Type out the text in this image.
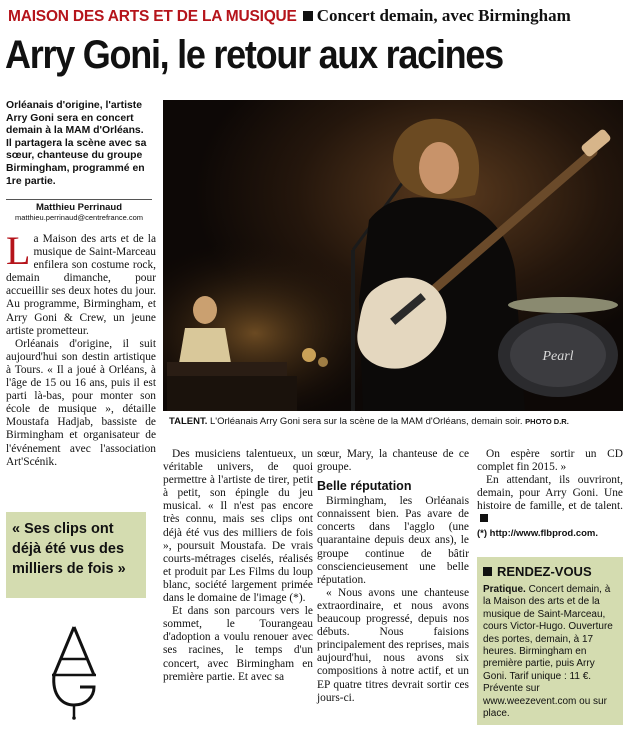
MAISON DES ARTS ET DE LA MUSIQUE Concert demain, avec Birmingham
Arry Goni, le retour aux racines
Orléanais d'origine, l'artiste Arry Goni sera en concert demain à la MAM d'Orléans. Il partagera la scène avec sa sœur, chanteuse du groupe Birmingham, programmé en 1re partie.
Matthieu Perrinaud
matthieu.perrinaud@centrefrance.com
Pearl
TALENT. L'Orléanais Arry Goni sera sur la scène de la MAM d'Orléans, demain soir. PHOTO D.R.

La Maison des arts et de la musique de Saint-Marceau enfilera son costume rock, demain dimanche, pour accueillir ses deux hotes du jour. Au programme, Birmingham, et Arry Goni & Crew, un jeune artiste prometteur.

Orléanais d'origine, il suit aujourd'hui son destin artistique à Tours. « Il a joué à Orléans, à l'âge de 15 ou 16 ans, puis il est parti là-bas, pour monter son école de musique », détaille Moustafa Hadjab, bassiste de Birmingham et organisateur de l'événement avec l'association Art'Scénik.

« Ses clips ont déjà été vus des milliers de fois »

Des musiciens talentueux, un véritable univers, de quoi permettre à l'artiste de tirer, petit à petit, son épingle du jeu musical. « Il n'est pas encore très connu, mais ses clips ont déjà été vus des milliers de fois », poursuit Moustafa. De vrais courts-métrages ciselés, réalisés et produit par Les Films du loup blanc, société largement primée dans le domaine de l'image (*).

Et dans son parcours vers le sommet, le Tourangeau d'adoption a voulu renouer avec ses racines, le temps d'un concert, avec Birmingham en première partie. Et avec sa

sœur, Mary, la chanteuse de ce groupe.

Belle réputation

Birmingham, les Orléanais connaissent bien. Pas avare de concerts dans l'agglo (une quarantaine depuis deux ans), le groupe continue de bâtir consciencieusement une belle réputation.

« Nous avons une chanteuse extraordinaire, et nous avons beaucoup progressé, depuis nos débuts. Nous faisions principalement des reprises, mais aujourd'hui, nous avons six compositions à notre actif, et un EP quatre titres devrait sortir ces jours-ci.

On espère sortir un CD complet fin 2015. »

En attendant, ils ouvriront, demain, pour Arry Goni. Une histoire de famille, et de talent.

(*) http://www.flbprod.com.

RENDEZ-VOUS
Pratique. Concert demain, à la Maison des arts et de la musique de Saint-Marceau, cours Victor-Hugo. Ouverture des portes, demain, à 17 heures. Birmingham en première partie, puis Arry Goni. Tarif unique : 11 €. Prévente sur www.weezevent.com ou sur place.
